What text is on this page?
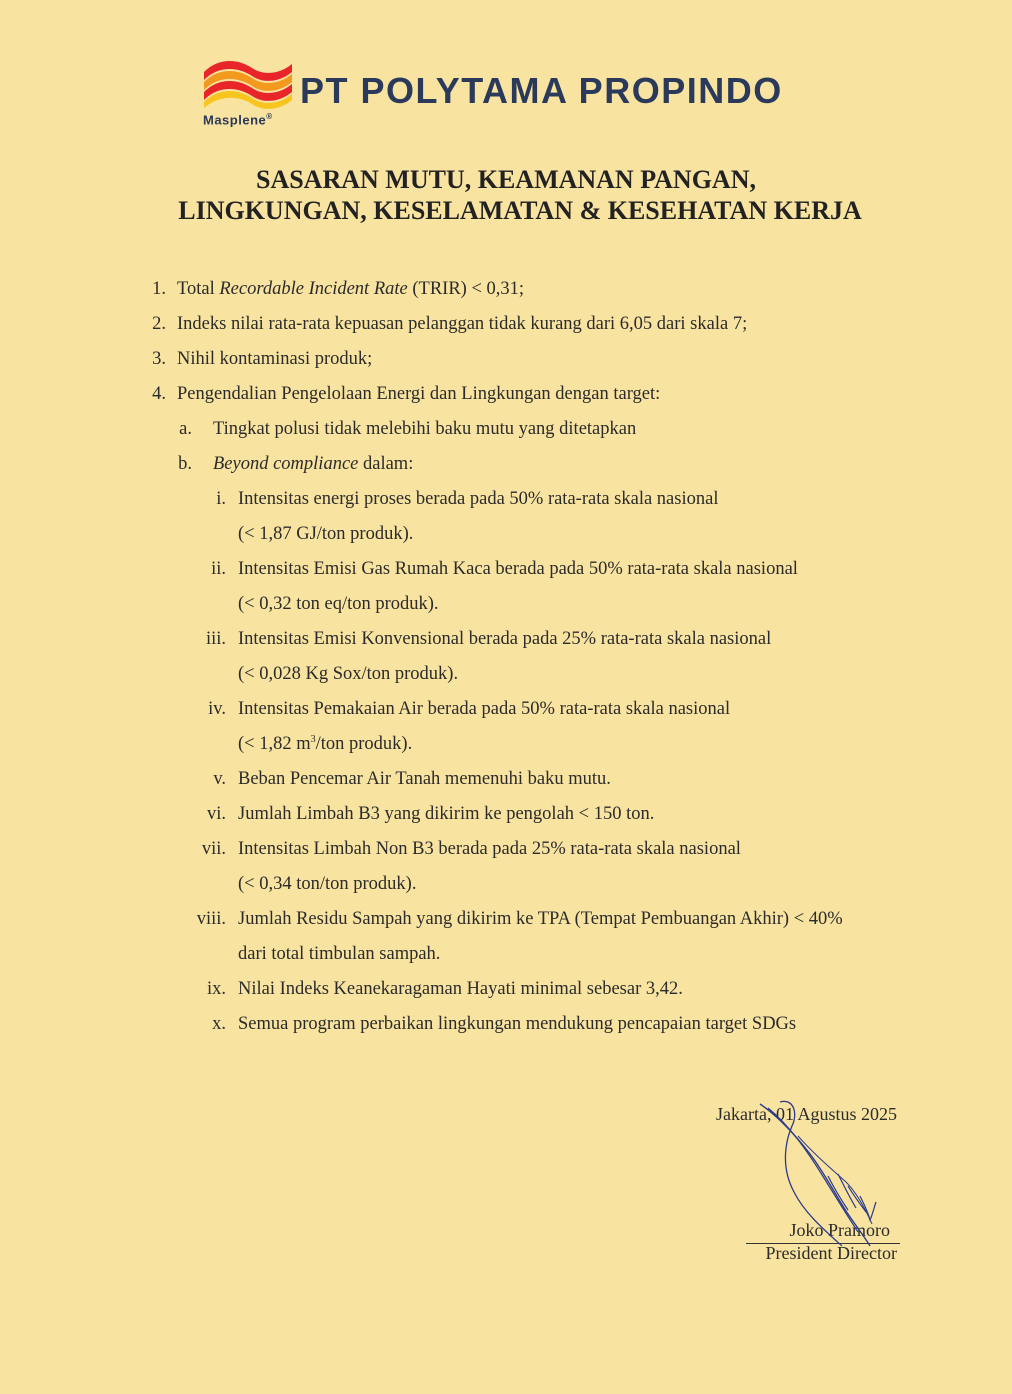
Masplene®
PT POLYTAMA PROPINDO
SASARAN MUTU, KEAMANAN PANGAN,
LINGKUNGAN, KESELAMATAN & KESEHATAN KERJA
1. Total Recordable Incident Rate (TRIR) < 0,31;
2. Indeks nilai rata-rata kepuasan pelanggan tidak kurang dari 6,05 dari skala 7;
3. Nihil kontaminasi produk;
4. Pengendalian Pengelolaan Energi dan Lingkungan dengan target:
a. Tingkat polusi tidak melebihi baku mutu yang ditetapkan
b. Beyond compliance dalam:
i. Intensitas energi proses berada pada 50% rata-rata skala nasional
(< 1,87 GJ/ton produk).
ii. Intensitas Emisi Gas Rumah Kaca berada pada 50% rata-rata skala nasional
(< 0,32 ton eq/ton produk).
iii. Intensitas Emisi Konvensional berada pada 25% rata-rata skala nasional
(< 0,028 Kg Sox/ton produk).
iv. Intensitas Pemakaian Air berada pada 50% rata-rata skala nasional
(< 1,82 $m^3$/ton produk).
v. Beban Pencemar Air Tanah memenuhi baku mutu.
vi. Jumlah Limbah B3 yang dikirim ke pengolah < 150 ton.
vii. Intensitas Limbah Non B3 berada pada 25% rata-rata skala nasional
(< 0,34 ton/ton produk).
viii. Jumlah Residu Sampah yang dikirim ke TPA (Tempat Pembuangan Akhir) < 40%
dari total timbulan sampah.
ix. Nilai Indeks Keanekaragaman Hayati minimal sebesar 3,42.
x. Semua program perbaikan lingkungan mendukung pencapaian target SDGs
Jakarta, 01 Agustus 2025
Joko Pramoro
President Director
